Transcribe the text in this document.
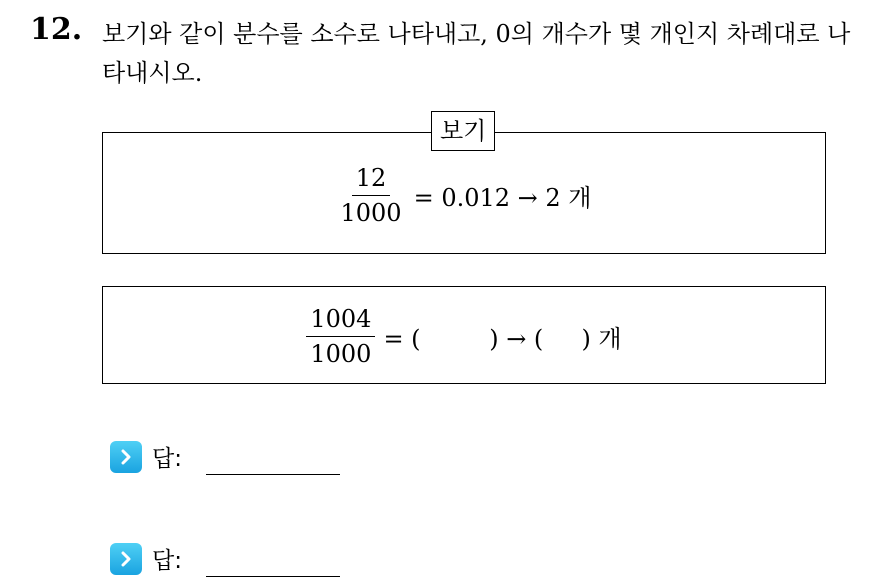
12. 보기와 같이 분수를 소수로 나타내고, 0의 개수가 몇 개인지 차례대로 나타내시오.
보기
$\frac{12}{1000} = 0.012 \to 2$ 개
$\frac{1004}{1000}$ = (         ) → (     ) 개
답:
답:
